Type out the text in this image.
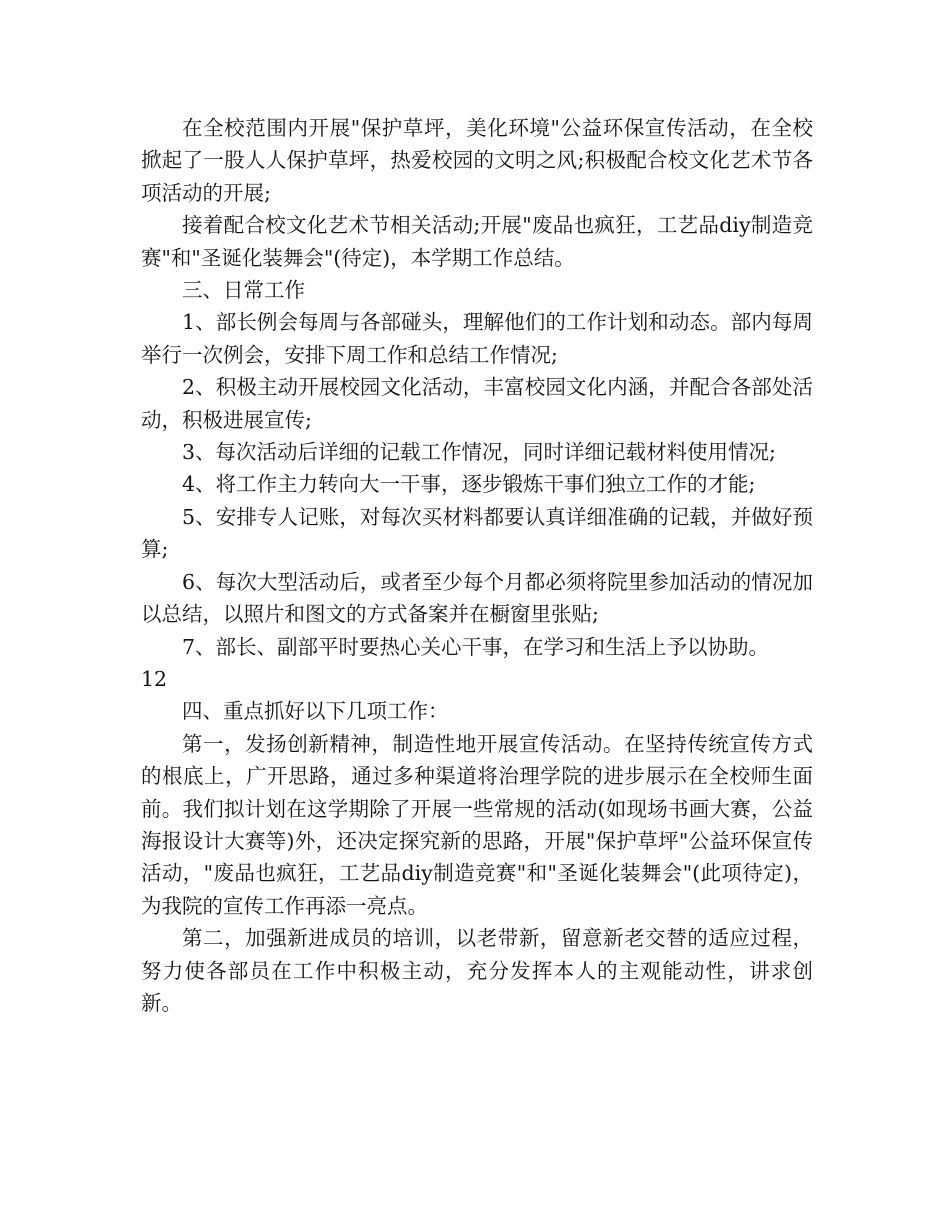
在全校范围内开展"保护草坪，美化环境"公益环保宣传活动，在全校掀起了一股人人保护草坪，热爱校园的文明之风;积极配合校文化艺术节各项活动的开展;

接着配合校文化艺术节相关活动;开展"废品也疯狂，工艺品diy制造竞赛"和"圣诞化装舞会"(待定)，本学期工作总结。

三、日常工作

1、部长例会每周与各部碰头，理解他们的工作计划和动态。部内每周举行一次例会，安排下周工作和总结工作情况;

2、积极主动开展校园文化活动，丰富校园文化内涵，并配合各部处活动，积极进展宣传;

3、每次活动后详细的记载工作情况，同时详细记载材料使用情况;

4、将工作主力转向大一干事，逐步锻炼干事们独立工作的才能;

5、安排专人记账，对每次买材料都要认真详细准确的记载，并做好预算;

6、每次大型活动后，或者至少每个月都必须将院里参加活动的情况加以总结，以照片和图文的方式备案并在橱窗里张贴;

7、部长、副部平时要热心关心干事，在学习和生活上予以协助。

12

四、重点抓好以下几项工作：

第一，发扬创新精神，制造性地开展宣传活动。在坚持传统宣传方式的根底上，广开思路，通过多种渠道将治理学院的进步展示在全校师生面前。我们拟计划在这学期除了开展一些常规的活动(如现场书画大赛，公益海报设计大赛等)外，还决定探究新的思路，开展"保护草坪"公益环保宣传活动，"废品也疯狂，工艺品diy制造竞赛"和"圣诞化装舞会"(此项待定)，为我院的宣传工作再添一亮点。

第二，加强新进成员的培训，以老带新，留意新老交替的适应过程，努力使各部员在工作中积极主动，充分发挥本人的主观能动性，讲求创新。
